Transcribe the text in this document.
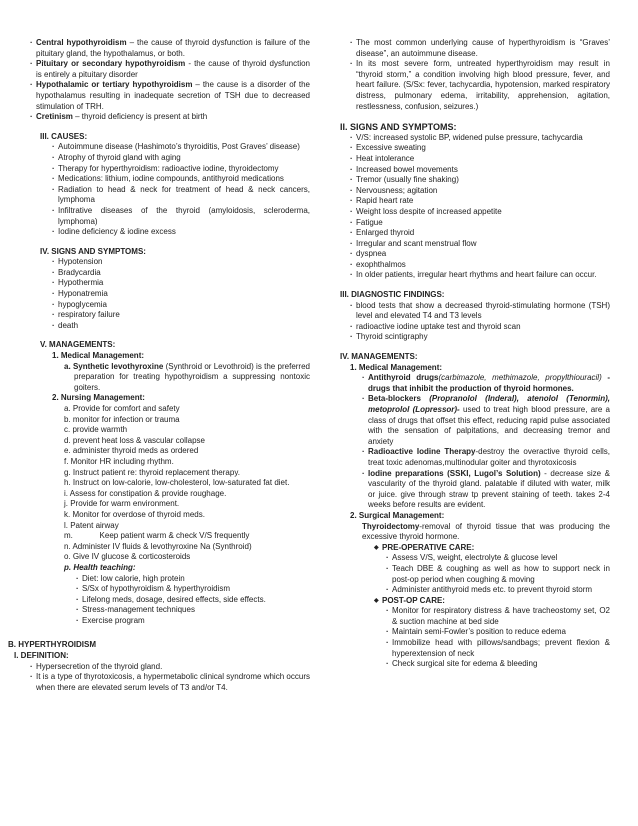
· Central hypothyroidism – the cause of thyroid dysfunction is failure of the pituitary gland, the hypothalamus, or both.
· Pituitary or secondary hypothyroidism - the cause of thyroid dysfunction is entirely a pituitary disorder
· Hypothalamic or tertiary hypothyroidism – the cause is a disorder of the hypothalamus resulting in inadequate secretion of TSH due to decreased stimulation of TRH.
· Cretinism – thyroid deficiency is present at birth
III. CAUSES:
· Autoimmune disease (Hashimoto’s thyroiditis, Post Graves’ disease)
· Atrophy of thyroid gland with aging
· Therapy for hyperthyroidism: radioactive iodine, thyroidectomy
· Medications: lithium, iodine compounds, antithyroid medications
· Radiation to head & neck for treatment of head & neck cancers, lymphoma
· Infiltrative diseases of the thyroid (amyloidosis, scleroderma, lymphoma)
· Iodine deficiency & iodine excess
IV. SIGNS AND SYMPTOMS:
· Hypotension
· Bradycardia
· Hypothermia
· Hyponatremia
· hypoglycemia
· respiratory failure
· death
V. MANAGEMENTS:
1. Medical Management:
a. Synthetic levothyroxine (Synthroid or Levothroid) is the preferred preparation for treating hypothyroidism a suppressing nontoxic goiters.
2. Nursing Management:
a. Provide for comfort and safety
b. monitor for infection or trauma
c. provide warmth
d. prevent heat loss & vascular collapse
e. administer thyroid meds as ordered
f. Monitor HR including rhythm.
g. Instruct patient re: thyroid replacement therapy.
h. Instruct on low-calorie, low-cholesterol, low-saturated fat diet.
i. Assess for constipation & provide roughage.
j. Provide for warm environment.
k. Monitor for overdose of thyroid meds.
l. Patent airway
m.            Keep patient warm & check V/S frequently
n. Administer IV fluids & levothyroxine Na (Synthroid)
o. Give IV glucose & corticosteroids
p. Health teaching:
· Diet: low calorie, high protein
· S/Sx of hypothyroidism & hyperthyroidism
· Lifelong meds, dosage, desired effects, side effects.
· Stress-management techniques
· Exercise program
B. HYPERTHYROIDISM
I. DEFINITION:
· Hypersecretion of the thyroid gland.
· It is a type of thyrotoxicosis, a hypermetabolic clinical syndrome which occurs when there are elevated serum levels of T3 and/or T4.
· The most common underlying cause of hyperthyroidism is “Graves’ disease”, an autoimmune disease.
· In its most severe form, untreated hyperthyroidism may result in “thyroid storm,” a condition involving high blood pressure, fever, and heart failure. (S/Sx: fever, tachycardia, hypotension, marked respiratory distress, pulmonary edema, irritability, apprehension, agitation, restlessness, confusion, seizures.)
II. SIGNS AND SYMPTOMS:
· V/S: increased systolic BP, widened pulse pressure, tachycardia
· Excessive sweating
· Heat intolerance
· Increased bowel movements
· Tremor (usually fine shaking)
· Nervousness; agitation
· Rapid heart rate
· Weight loss despite of increased appetite
· Fatigue
· Enlarged thyroid
· Irregular and scant menstrual flow
· dyspnea
· exophthalmos
· In older patients, irregular heart rhythms and heart failure can occur.
III. DIAGNOSTIC FINDINGS:
· blood tests that show a decreased thyroid-stimulating hormone (TSH) level and elevated T4 and T3 levels
· radioactive iodine uptake test and thyroid scan
· Thyroid scintigraphy
IV. MANAGEMENTS:
1. Medical Management:
· Antithyroid drugs(carbimazole, methimazole, propylthiouracil) - drugs that inhibit the production of thyroid hormones.
· Beta-blockers (Propranolol (Inderal), atenolol (Tenormin), metoprolol (Lopressor)- used to treat high blood pressure, are a class of drugs that offset this effect, reducing rapid pulse associated with the sensation of palpitations, and decreasing tremor and anxiety
· Radioactive Iodine Therapy-destroy the overactive thyroid cells, treat toxic adenomas,multinodular goiter and thyrotoxicosis
· Iodine preparations (SSKI, Lugol’s Solution) - decrease size & vascularity of the thyroid gland. palatable if diluted with water, milk or juice. give through straw tp prevent staining of teeth. takes 2-4 weeks before results are evident.
2. Surgical Management:
Thyroidectomy-removal of thyroid tissue that was producing the excessive thyroid hormone.
◆ PRE-OPERATIVE CARE:
· Assess V/S, weight, electrolyte & glucose level
· Teach DBE & coughing as well as how to support neck in post-op period when coughing & moving
· Administer antithyroid meds etc. to prevent thyroid storm
◆ POST-OP CARE:
· Monitor for respiratory distress & have tracheostomy set, O2 & suction machine at bed side
· Maintain semi-Fowler’s position to reduce edema
· Immobilize head with pillows/sandbags; prevent flexion & hyperextension of neck
· Check surgical site for edema & bleeding
